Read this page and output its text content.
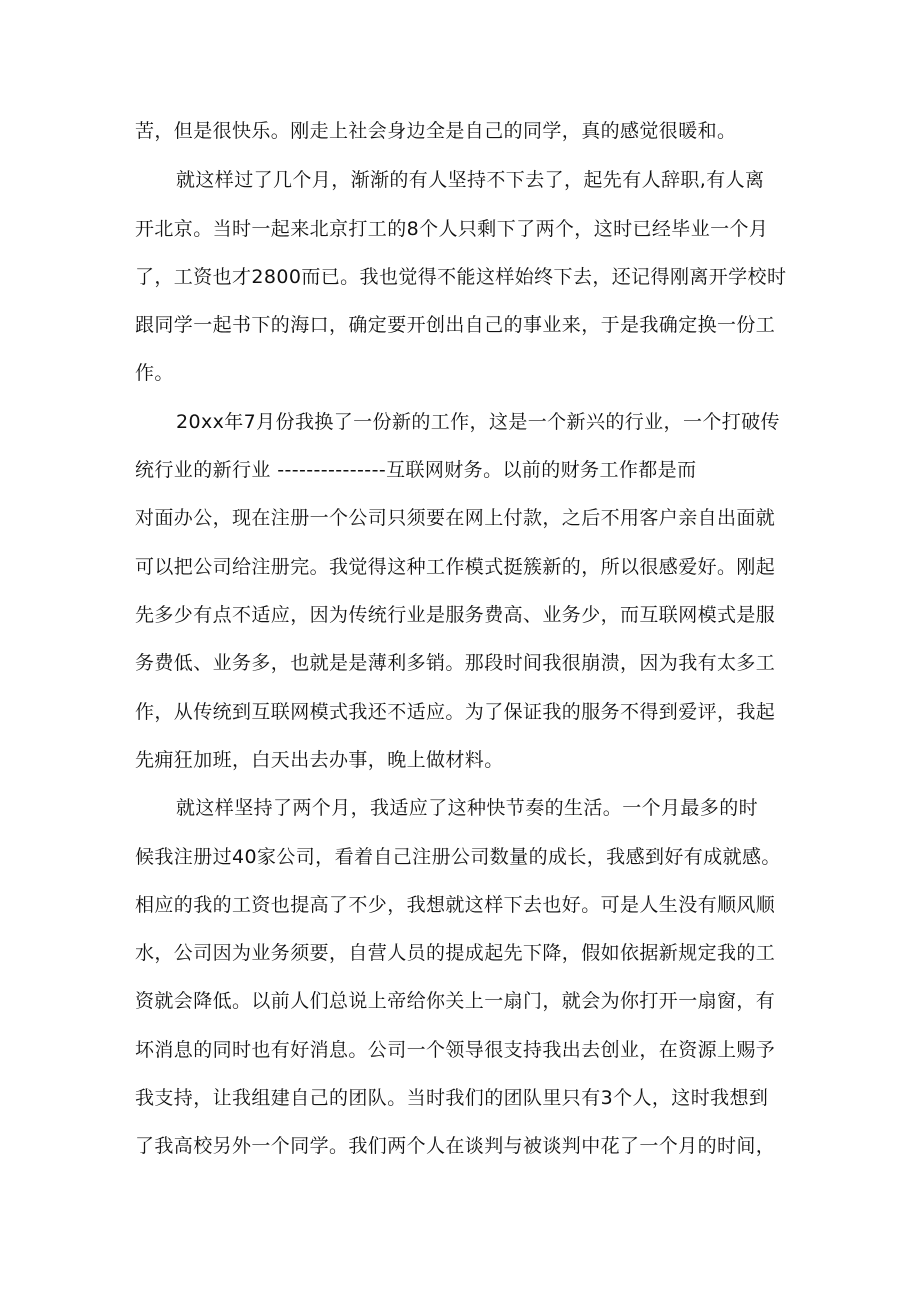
苦，但是很快乐。刚走上社会身边全是自己的同学，真的感觉很暖和。
就这样过了几个月，渐渐的有人坚持不下去了，起先有人辞职,有人离
开北京。当时一起来北京打工的8个人只剩下了两个，这时已经毕业一个月
了，工资也才2800而已。我也觉得不能这样始终下去，还记得刚离开学校时
跟同学一起书下的海口，确定要开创出自己的事业来，于是我确定换一份工
作。
20xx年7月份我换了一份新的工作，这是一个新兴的行业，一个打破传
统行业的新行业 ---------------互联网财务。以前的财务工作都是而
对面办公，现在注册一个公司只须要在网上付款，之后不用客户亲自出面就
可以把公司给注册完。我觉得这种工作模式挺簇新的，所以很感爱好。刚起
先多少有点不适应，因为传统行业是服务费高、业务少，而互联网模式是服
务费低、业务多，也就是是薄利多销。那段时间我很崩溃，因为我有太多工
作，从传统到互联网模式我还不适应。为了保证我的服务不得到爱评，我起
先痈狂加班，白天出去办事，晚上做材料。
就这样坚持了两个月，我适应了这种快节奏的生活。一个月最多的时
候我注册过40家公司，看着自己注册公司数量的成长，我感到好有成就感。
相应的我的工资也提高了不少，我想就这样下去也好。可是人生没有顺风顺
水，公司因为业务须要，自营人员的提成起先下降，假如依据新规定我的工
资就会降低。以前人们总说上帝给你关上一扇门，就会为你打开一扇窗，有
坏消息的同时也有好消息。公司一个领导很支持我出去创业，在资源上赐予
我支持，让我组建自己的团队。当时我们的团队里只有3个人，这时我想到
了我高校另外一个同学。我们两个人在谈判与被谈判中花了一个月的时间，
